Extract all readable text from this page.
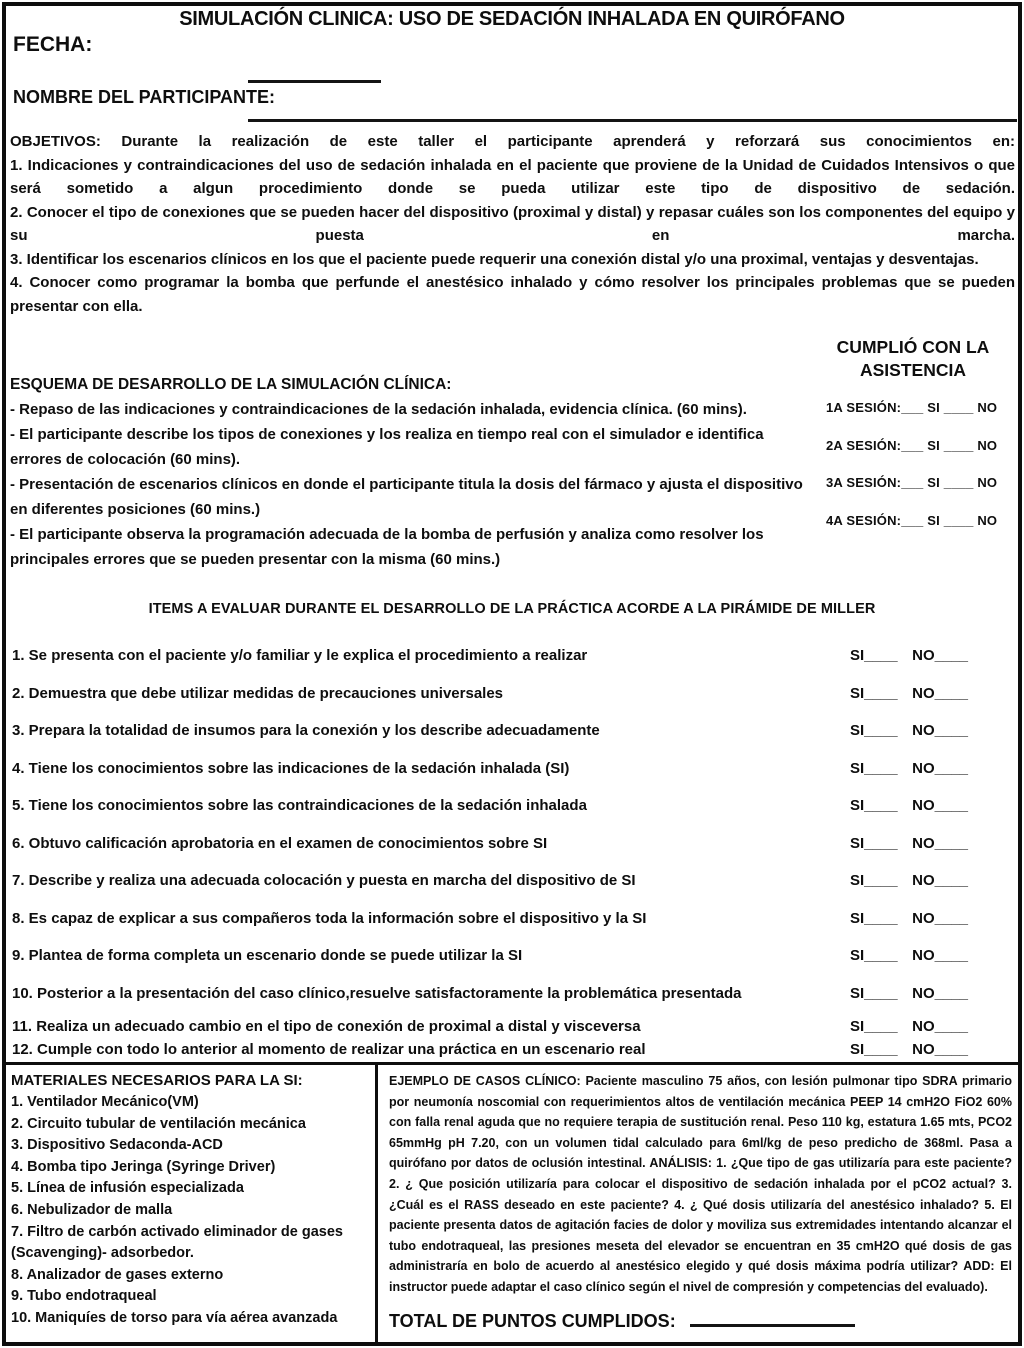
SIMULACIÓN CLINICA: USO DE SEDACIÓN INHALADA EN QUIRÓFANO
FECHA:
NOMBRE DEL PARTICIPANTE:

OBJETIVOS: Durante la realización de este taller el participante aprenderá y reforzará sus conocimientos en:

1. Indicaciones y contraindicaciones del uso de sedación inhalada en el paciente que proviene de la Unidad de Cuidados Intensivos o que será sometido a algun procedimiento donde se pueda utilizar este tipo de dispositivo de sedación.

2. Conocer el tipo de conexiones que se pueden hacer del dispositivo (proximal y distal) y repasar cuáles son los componentes del equipo y su puesta en marcha.

3. Identificar los escenarios clínicos en los que el paciente puede requerir una conexión distal y/o una proximal, ventajas y desventajas.

4. Conocer como programar la bomba que perfunde el anestésico inhalado y cómo resolver los principales problemas que se pueden presentar con ella.

ESQUEMA DE DESARROLLO DE LA SIMULACIÓN CLÍNICA:

- Repaso de las indicaciones y contraindicaciones de la sedación inhalada, evidencia clínica. (60 mins).

- El participante describe los tipos de conexiones y los realiza en tiempo real con el simulador e identifica errores de colocación (60 mins).

- Presentación de escenarios clínicos en donde el participante titula la dosis del fármaco y ajusta el dispositivo en diferentes posiciones (60 mins.)

- El participante observa la programación adecuada de la bomba de perfusión y analiza como resolver los principales errores que se pueden presentar con la misma (60 mins.)

CUMPLIÓ CON LA
ASISTENCIA
1A SESIÓN:___ SI ____ NO
2A SESIÓN:___ SI ____ NO
3A SESIÓN:___ SI ____ NO
4A SESIÓN:___ SI ____ NO
ITEMS A EVALUAR DURANTE EL DESARROLLO DE LA PRÁCTICA ACORDE A LA PIRÁMIDE DE MILLER
1. Se presenta con el paciente y/o familiar y le explica el procedimiento a realizar	SI____ NO____
2. Demuestra que debe utilizar medidas de precauciones universales	SI____ NO____
3. Prepara la totalidad de insumos para la conexión y los describe adecuadamente	SI____ NO____
4. Tiene los conocimientos sobre las indicaciones de la sedación inhalada (SI)	SI____ NO____
5. Tiene los conocimientos sobre las contraindicaciones de la sedación inhalada	SI____ NO____
6. Obtuvo calificación aprobatoria en el examen de conocimientos sobre SI	SI____ NO____
7. Describe y realiza una adecuada colocación y puesta en marcha del dispositivo de SI	SI____ NO____
8. Es capaz de explicar a sus compañeros toda la información sobre el dispositivo y la SI	SI____ NO____
9. Plantea de forma completa un escenario donde se puede utilizar la SI	SI____ NO____
10. Posterior a la presentación del caso clínico,resuelve satisfactoramente la problemática presentada	SI____ NO____
11. Realiza un adecuado cambio en el tipo de conexión de proximal a distal y visceversa	SI____ NO____
12. Cumple con todo lo anterior al momento de realizar una práctica en un escenario real	SI____ NO____
MATERIALES NECESARIOS PARA LA SI:
1. Ventilador Mecánico(VM)
2. Circuito tubular de ventilación mecánica
3. Dispositivo Sedaconda-ACD
4. Bomba tipo Jeringa (Syringe Driver)
5. Línea de infusión especializada
6. Nebulizador de malla
7. Filtro de carbón activado eliminador de gases (Scavenging)- adsorbedor.
8. Analizador de gases externo
9. Tubo endotraqueal
10. Maniquíes de torso para vía aérea avanzada
EJEMPLO DE CASOS CLÍNICO: Paciente masculino 75 años, con lesión pulmonar tipo SDRA primario por neumonía noscomial con requerimientos altos de ventilación mecánica PEEP 14 cmH2O FiO2 60% con falla renal aguda que no requiere terapia de sustitución renal. Peso 110 kg, estatura 1.65 mts, PCO2 65mmHg pH 7.20, con un volumen tidal calculado para 6ml/kg de peso predicho de 368ml. Pasa a quirófano por datos de oclusión intestinal. ANÁLISIS: 1. ¿Que tipo de gas utilizaría para este paciente? 2. ¿ Que posición utilizaría para colocar el dispositivo de sedación inhalada por el pCO2 actual? 3. ¿Cuál es el RASS deseado en este paciente? 4. ¿ Qué dosis utilizaría del anestésico inhalado? 5. El paciente presenta datos de agitación facies de dolor y moviliza sus extremidades intentando alcanzar el tubo endotraqueal, las presiones meseta del elevador se encuentran en 35 cmH2O qué dosis de gas administraría en bolo de acuerdo al anestésico elegido y qué dosis máxima podría utilizar? ADD: El instructor puede adaptar el caso clínico según el nivel de compresión y competencias del evaluado).
TOTAL DE PUNTOS CUMPLIDOS:
